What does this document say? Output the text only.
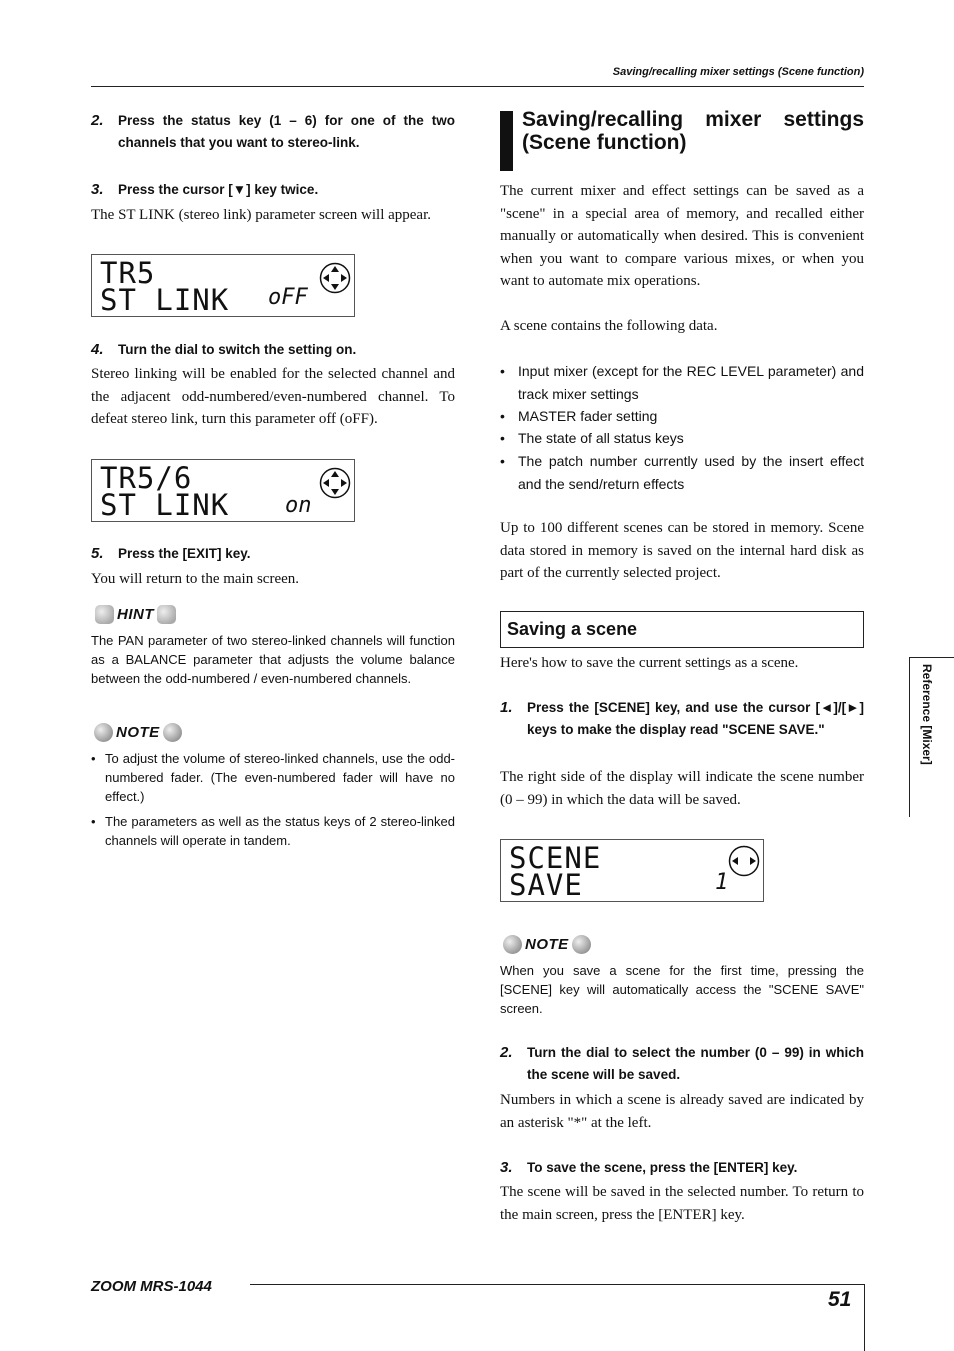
Saving/recalling mixer settings (Scene function)
2.	Press the status key (1 – 6) for one of the two channels that you want to stereo-link.
3.	Press the cursor [▼] key twice.
The ST LINK (stereo link) parameter screen will appear.
TR5
ST LINK oFF
4.	Turn the dial to switch the setting on.
Stereo linking will be enabled for the selected channel and the adjacent odd-numbered/even-numbered channel. To defeat stereo link, turn this parameter off (oFF).
TR5/6
ST LINK	on
5.	Press the [EXIT] key.
You will return to the main screen.
HINT
The PAN parameter of two stereo-linked channels will function as a BALANCE parameter that adjusts the volume balance between the odd-numbered / even-numbered channels.
NOTE
• To adjust the volume of stereo-linked channels, use the odd-numbered fader. (The even-numbered fader will have no effect.)
• The parameters as well as the status keys of 2 stereo-linked channels will operate in tandem.
Saving/recalling mixer settings (Scene function)
The current mixer and effect settings can be saved as a "scene" in a special area of memory, and recalled either manually or automatically when desired. This is convenient when you want to compare various mixes, or when you want to automate mix operations.
A scene contains the following data.
• Input mixer (except for the REC LEVEL parameter) and track mixer settings
• MASTER fader setting
• The state of all status keys
• The patch number currently used by the insert effect and the send/return effects
Up to 100 different scenes can be stored in memory. Scene data stored in memory is saved on the internal hard disk as part of the currently selected project.
Saving a scene
Here's how to save the current settings as a scene.
1.	Press the [SCENE] key, and use the cursor [◄]/[►] keys to make the display read "SCENE SAVE."
The right side of the display will indicate the scene number (0 – 99) in which the data will be saved.
SCENE
SAVE	1
NOTE
When you save a scene for the first time, pressing the [SCENE] key will automatically access the "SCENE SAVE" screen.
2.	Turn the dial to select the number (0 – 99) in which the scene will be saved.
Numbers in which a scene is already saved are indicated by an asterisk "*" at the left.
3.	To save the scene, press the [ENTER] key.
The scene will be saved in the selected number. To return to the main screen, press the [ENTER] key.
Reference [Mixer]
ZOOM MRS-1044
51
